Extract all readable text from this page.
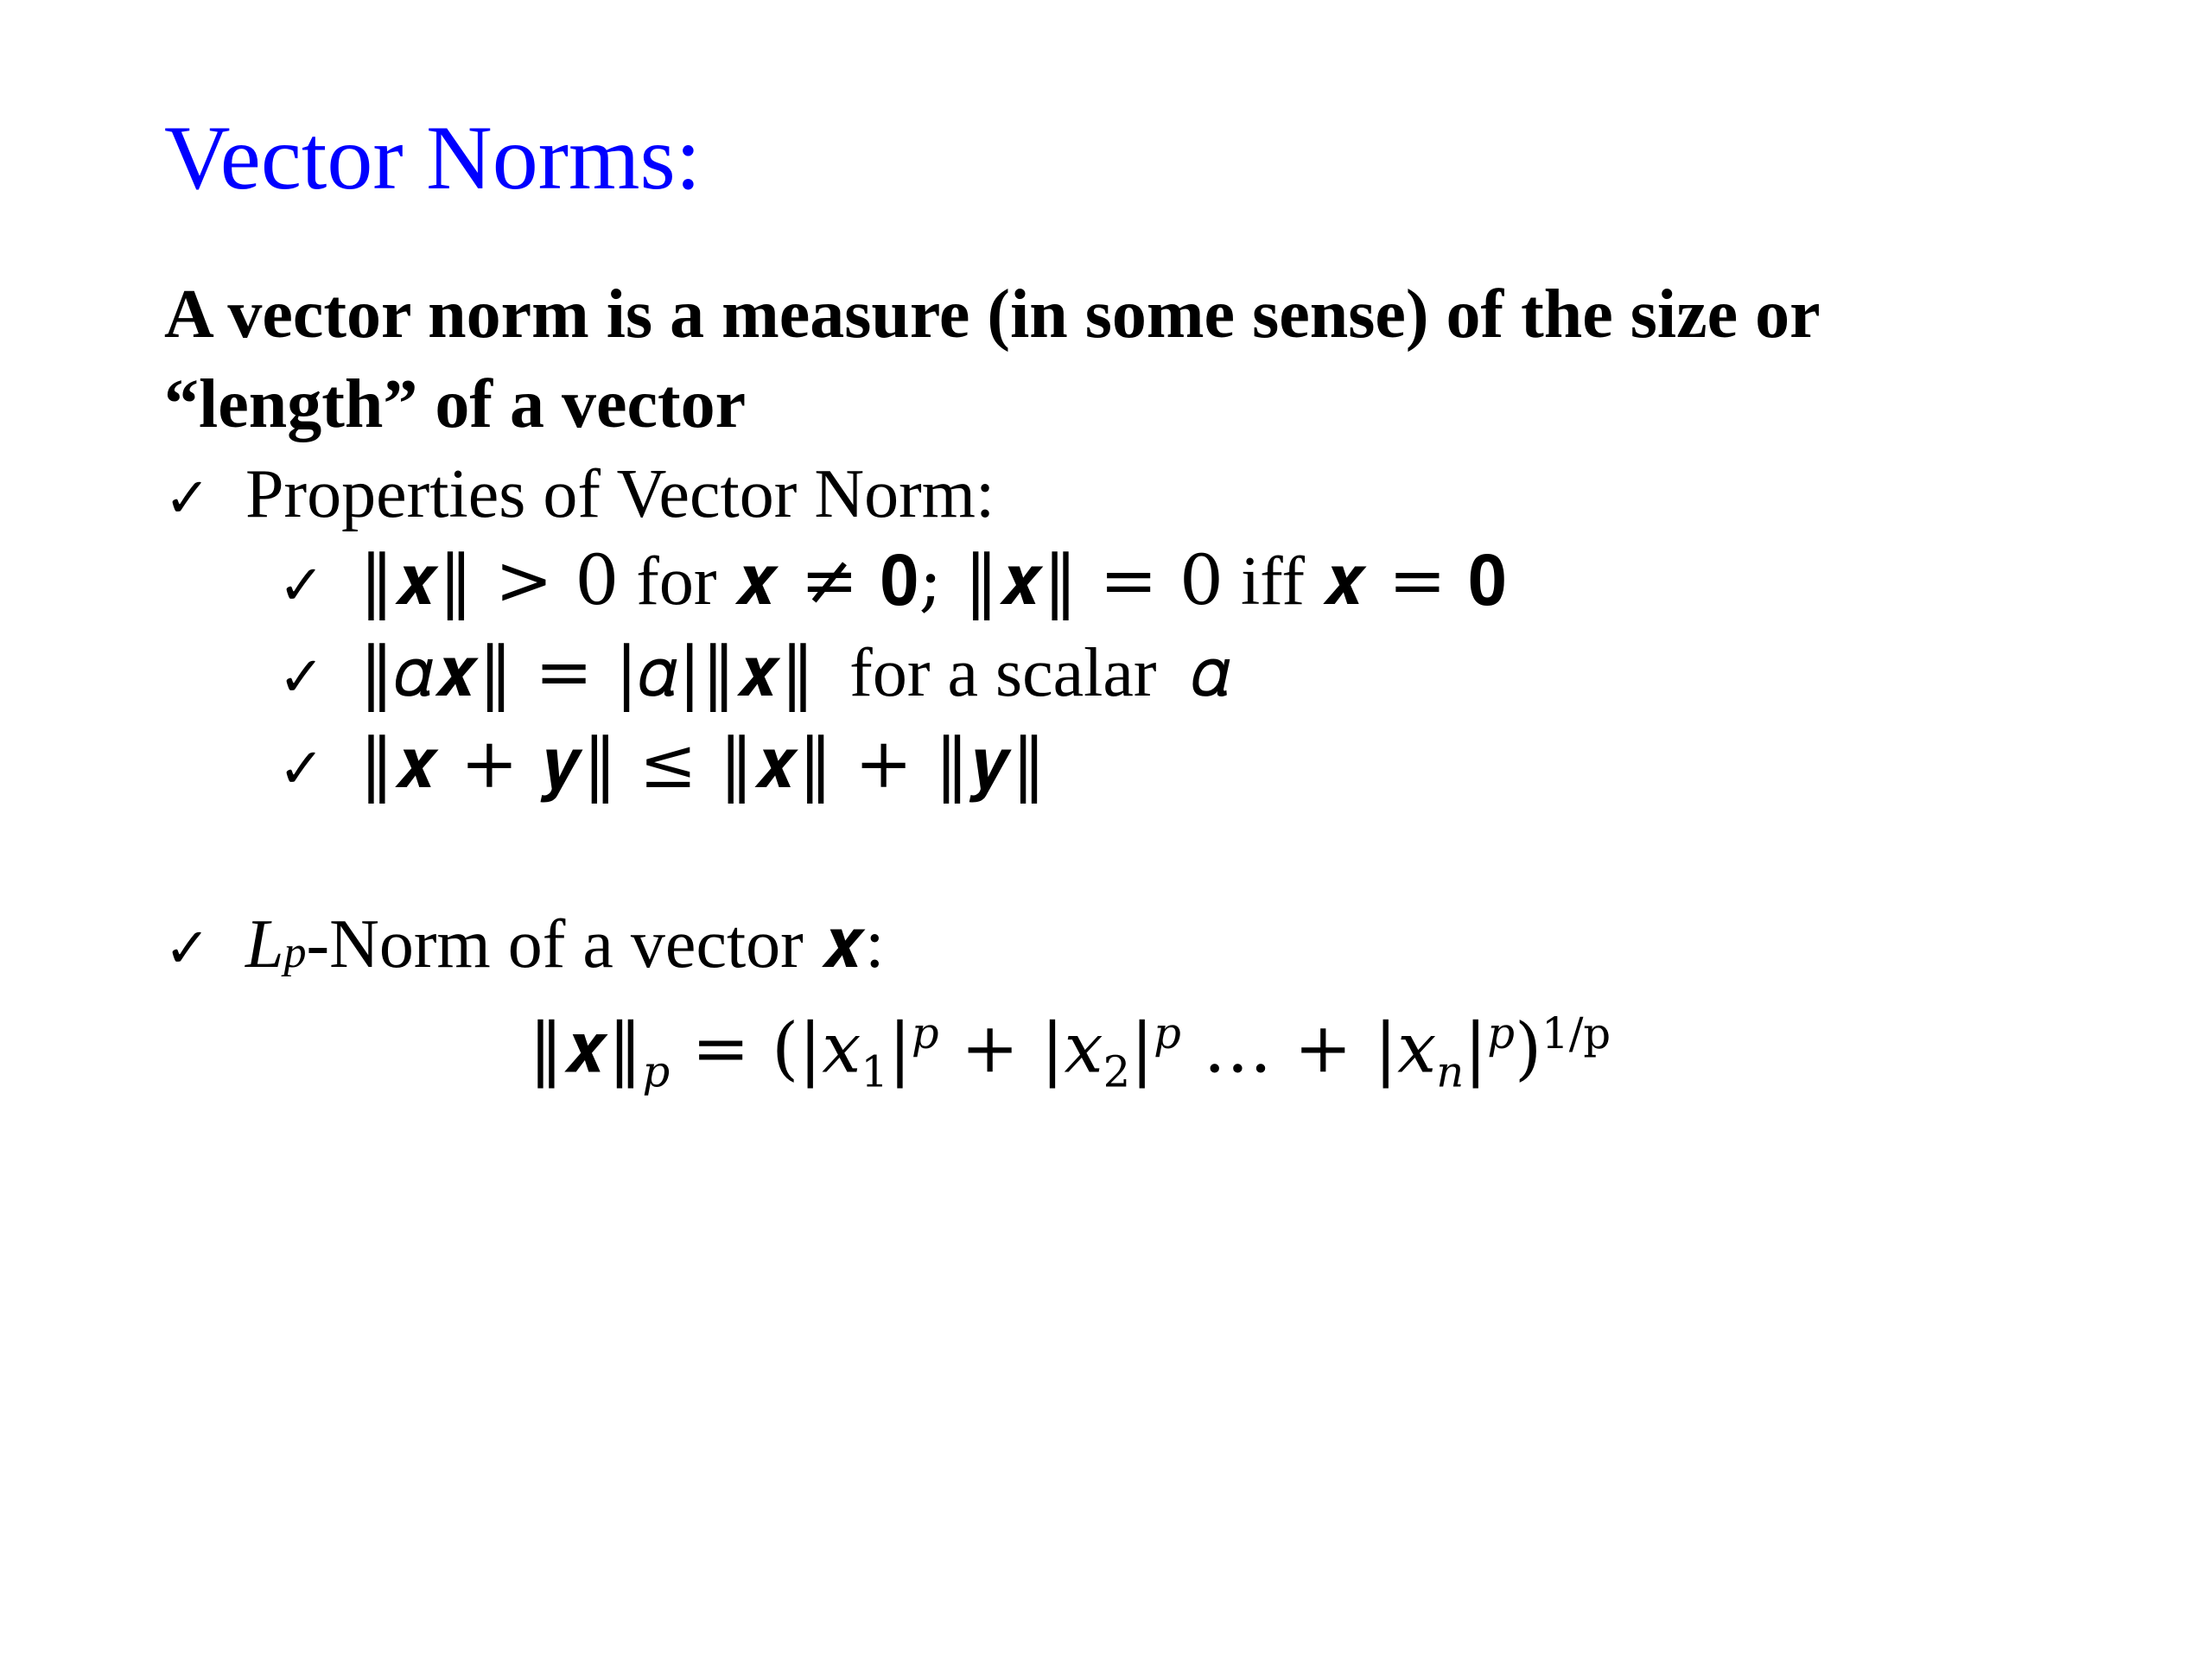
Vector Norms:

A vector norm is a measure (in some sense) of the size or “length” of a vector

✓ Properties of Vector Norm:
✓ ‖𝒙‖ > 0 for 𝒙 ≠ 𝟎; ‖𝒙‖ = 0 iff 𝒙 = 𝟎
✓ ‖𝛼𝒙‖ = |𝛼|‖𝒙‖ for a scalar 𝛼
✓ ‖𝒙 + 𝒚‖ ≤ ‖𝒙‖ + ‖𝒚‖
✓ L p -Norm of a vector 𝒙 :
$‖𝒙‖_p$ = ($|𝑥_1|^p$ + $|𝑥_2|^p$ … + $|𝑥_n|^p)^{1/p}$
